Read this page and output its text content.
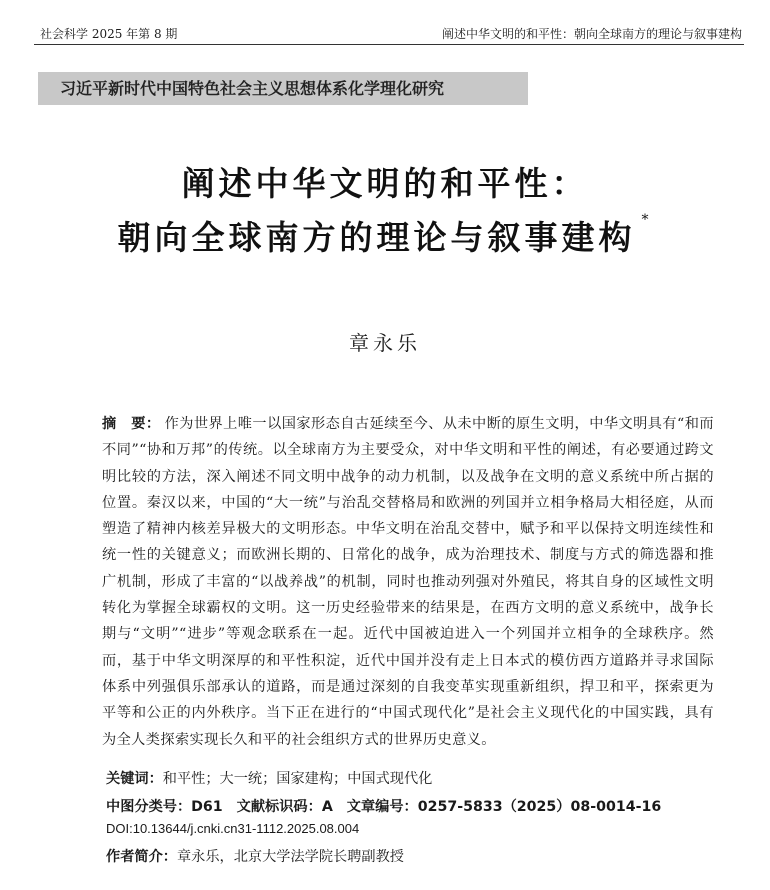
社会科学 2025 年第 8 期	阐述中华文明的和平性：朝向全球南方的理论与叙事建构
习近平新时代中国特色社会主义思想体系化学理化研究
阐述中华文明的和平性：
朝向全球南方的理论与叙事建构 *
章永乐
摘　要： 作为世界上唯一以国家形态自古延续至今、从未中断的原生文明，中华文明具有“和而不同”“协和万邦”的传统。以全球南方为主要受众，对中华文明和平性的阐述，有必要通过跨文明比较的方法，深入阐述不同文明中战争的动力机制，以及战争在文明的意义系统中所占据的位置。秦汉以来，中国的“大一统”与治乱交替格局和欧洲的列国并立相争格局大相径庭，从而塑造了精神内核差异极大的文明形态。中华文明在治乱交替中，赋予和平以保持文明连续性和统一性的关键意义；而欧洲长期的、日常化的战争，成为治理技术、制度与方式的筛选器和推广机制，形成了丰富的“以战养战”的机制，同时也推动列强对外殖民，将其自身的区域性文明转化为掌握全球霸权的文明。这一历史经验带来的结果是，在西方文明的意义系统中，战争长期与“文明”“进步”等观念联系在一起。近代中国被迫进入一个列国并立相争的全球秩序。然而，基于中华文明深厚的和平性积淀，近代中国并没有走上日本式的模仿西方道路并寻求国际体系中列强俱乐部承认的道路，而是通过深刻的自我变革实现重新组织，捍卫和平，探索更为平等和公正的内外秩序。当下正在进行的“中国式现代化”是社会主义现代化的中国实践，具有为全人类探索实现长久和平的社会组织方式的世界历史意义。
关键词：和平性；大一统；国家建构；中国式现代化
中图分类号：D61 文献标识码：A 文章编号：0257-5833（2025）08-0014-16
DOI:10.13644/j.cnki.cn31-1112.2025.08.004
作者简介：章永乐，北京大学法学院长聘副教授
